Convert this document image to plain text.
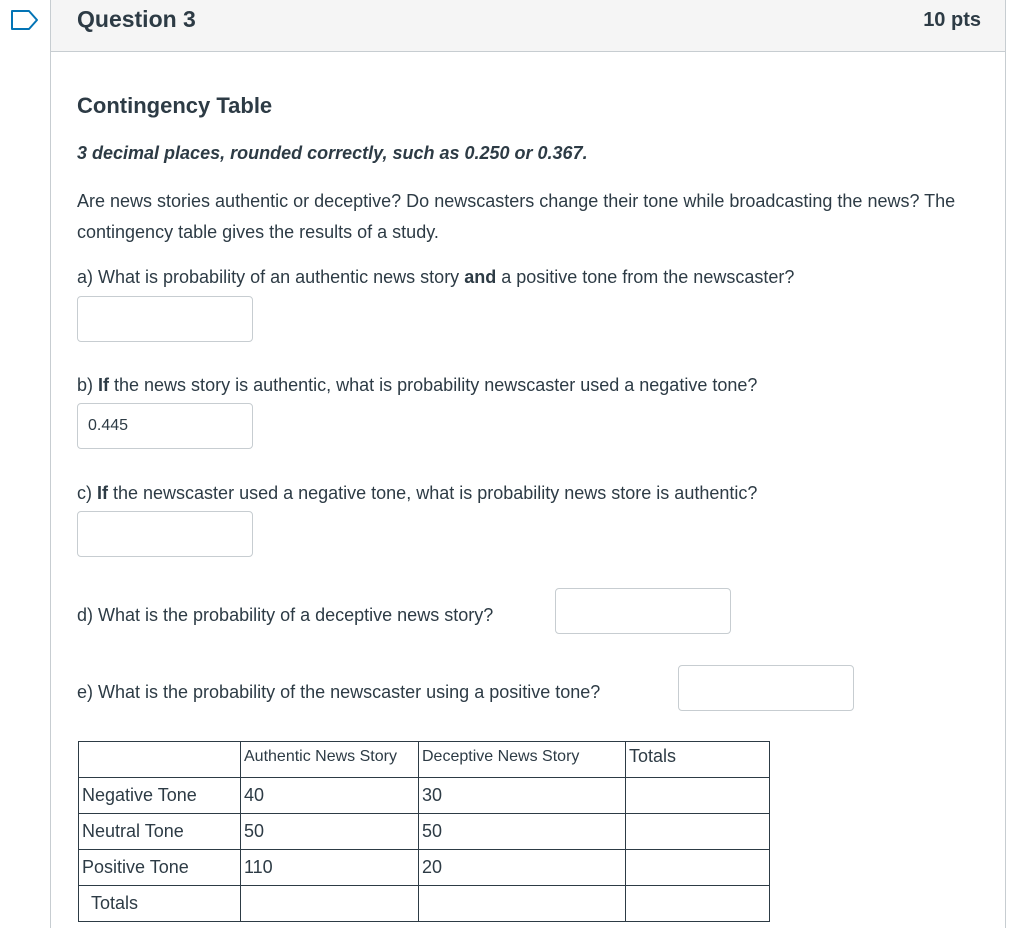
Question 3	10 pts
Contingency Table
3 decimal places, rounded correctly, such as 0.250 or 0.367.
Are news stories authentic or deceptive? Do newscasters change their tone while broadcasting the news? The contingency table gives the results of a study.
a) What is probability of an authentic news story and a positive tone from the newscaster?
b) If the news story is authentic, what is probability newscaster used a negative tone?
0.445
c) If the newscaster used a negative tone, what is probability news store is authentic?
d) What is the probability of a deceptive news story?
e) What is the probability of the newscaster using a positive tone?
	Authentic News Story	Deceptive News Story	Totals
Negative Tone	40	30	
Neutral Tone	50	50	
Positive Tone	110	20	
Totals			
